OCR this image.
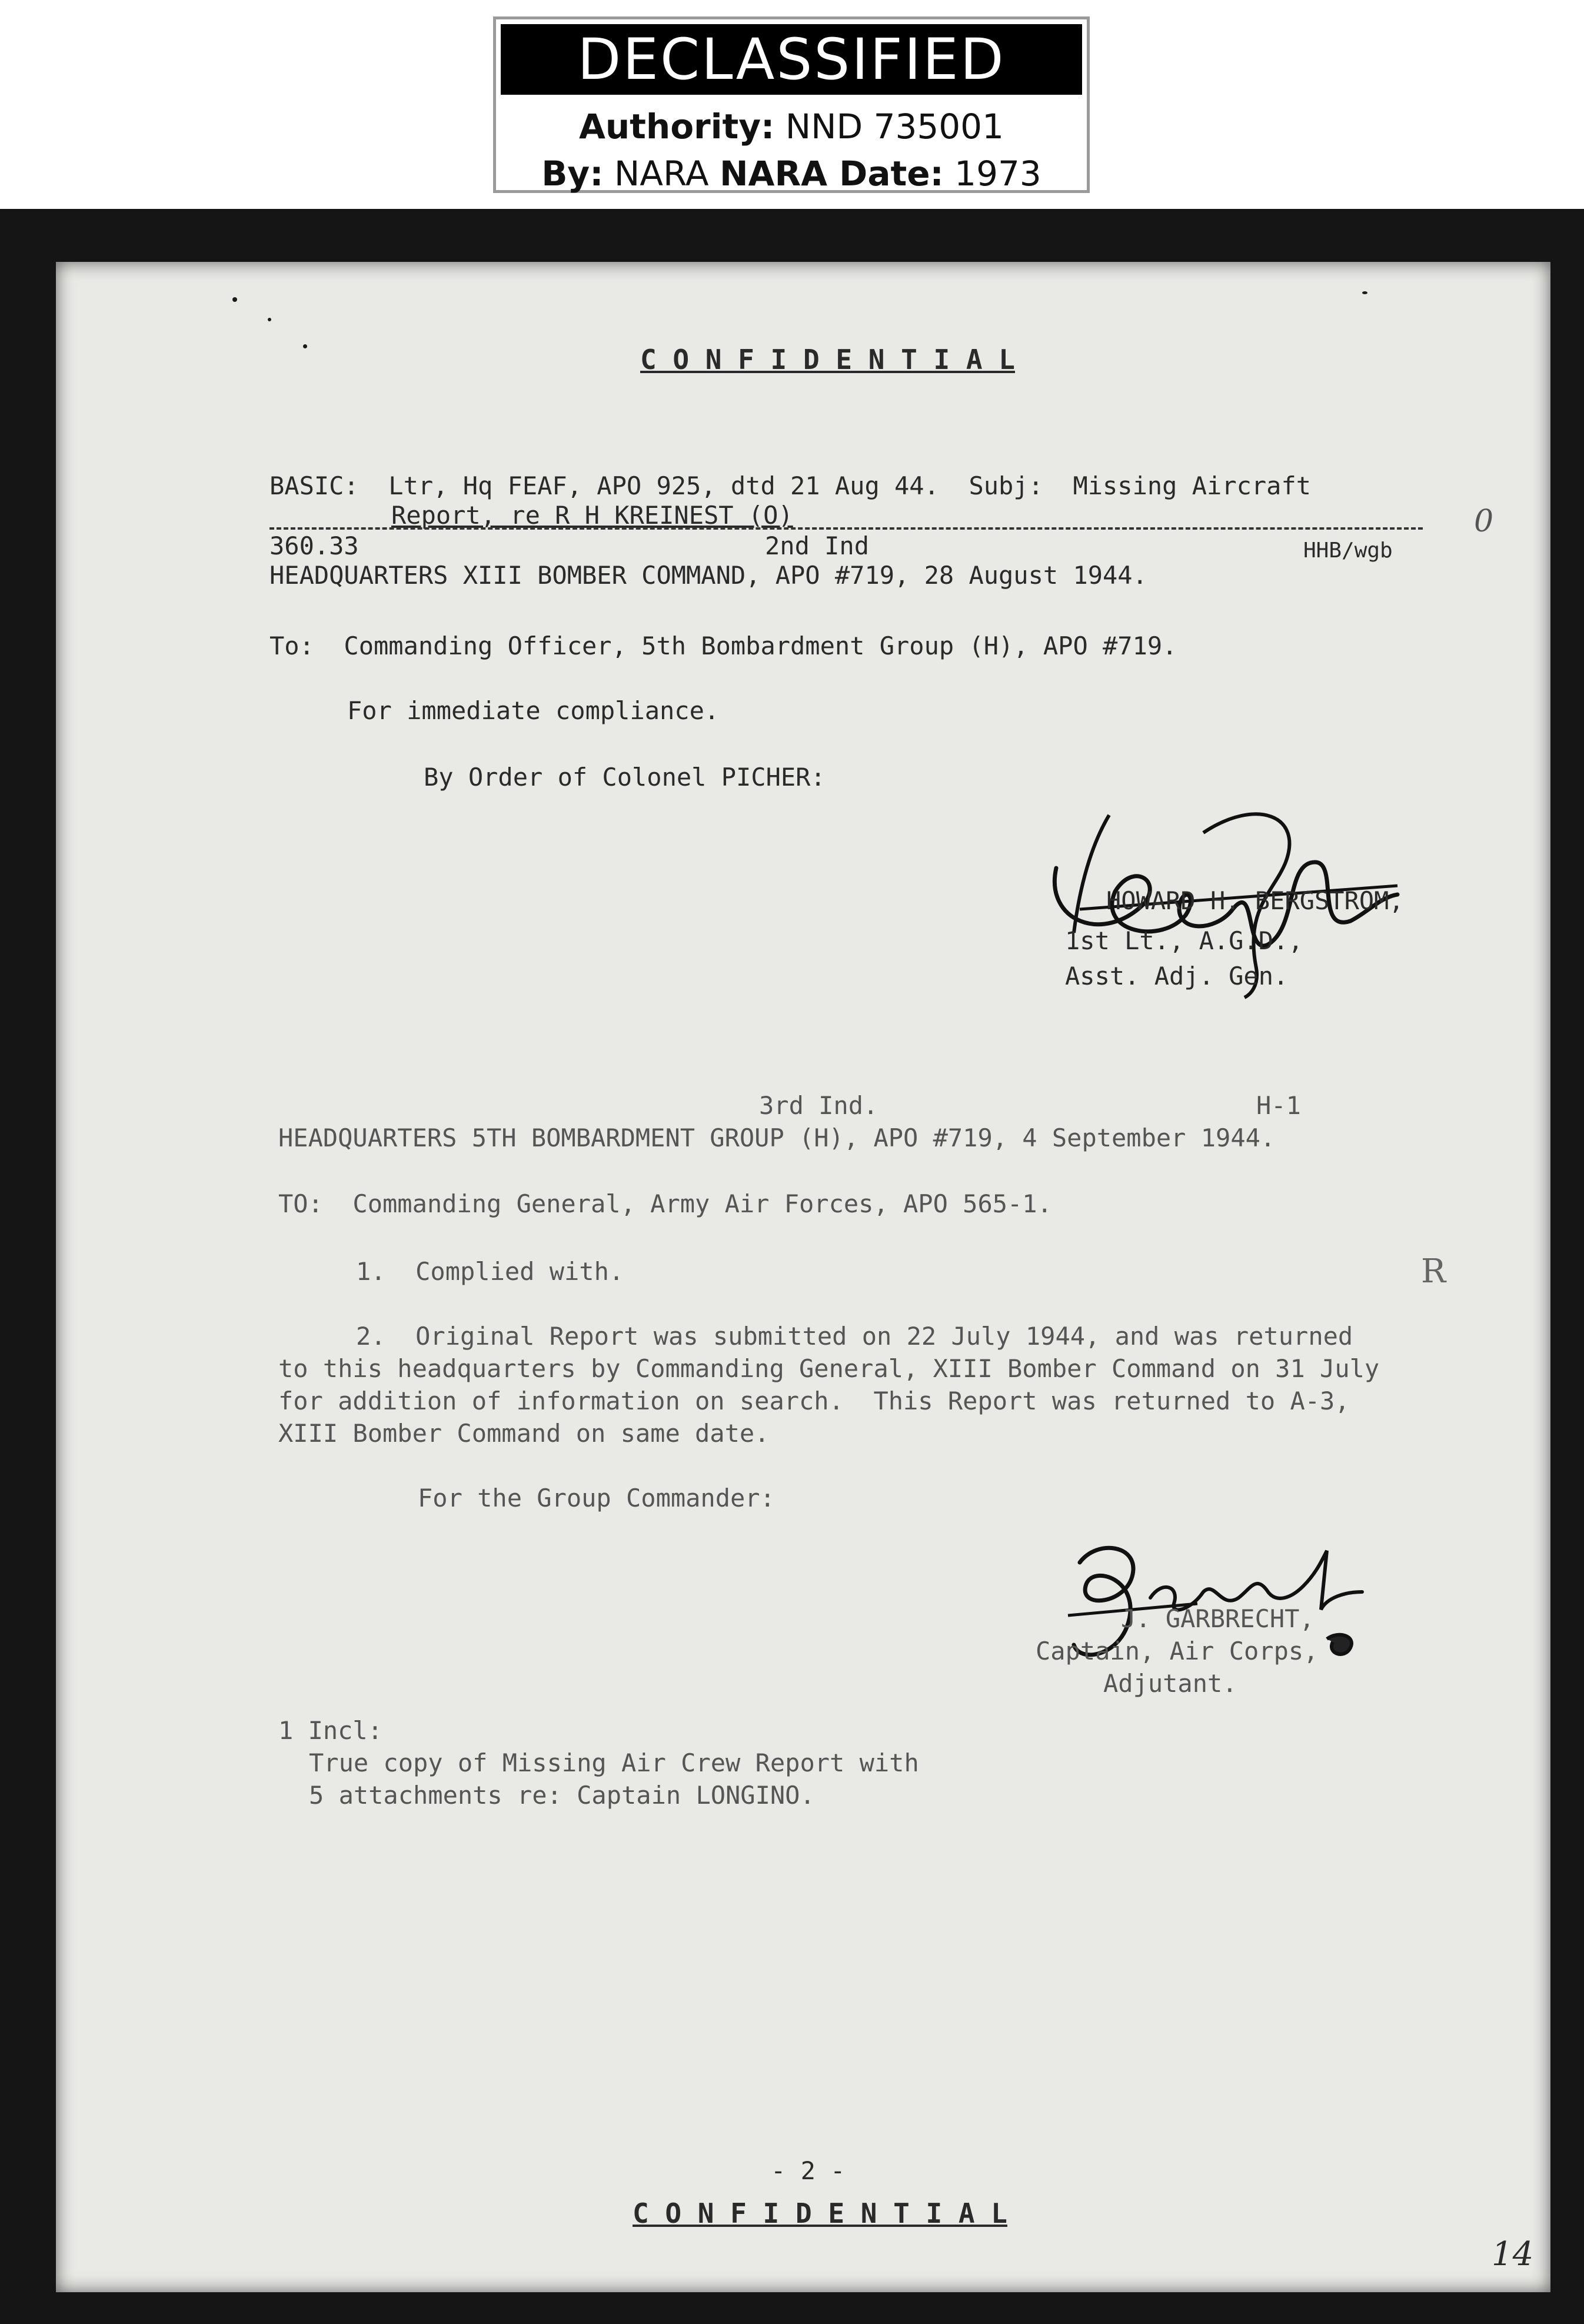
DECLASSIFIED
Authority: NND 735001
By: NARA NARA Date: 1973
C O N F I D E N T I A L
BASIC:  Ltr, Hq FEAF, APO 925, dtd 21 Aug 44.  Subj:  Missing Aircraft
Report, re R H KREINEST (O)

360.33	2nd Ind	HHB/wgb
0
HEADQUARTERS XIII BOMBER COMMAND, APO #719, 28 August 1944.
To:  Commanding Officer, 5th Bombardment Group (H), APO #719.
For immediate compliance.
By Order of Colonel PICHER:
HOWARD H. BERGSTROM,
1st Lt., A.G.D.,
Asst. Adj. Gen.
3rd Ind.	H-1
HEADQUARTERS 5TH BOMBARDMENT GROUP (H), APO #719, 4 September 1944.
TO:  Commanding General, Army Air Forces, APO 565-1.
1.  Complied with.	R
2.  Original Report was submitted on 22 July 1944, and was returned
to this headquarters by Commanding General, XIII Bomber Command on 31 July
for addition of information on search.  This Report was returned to A-3,
XIII Bomber Command on same date.
For the Group Commander:
J. GARBRECHT,
Captain, Air Corps,
Adjutant.
1 Incl:
True copy of Missing Air Crew Report with
5 attachments re: Captain LONGINO.
- 2 -
C O N F I D E N T I A L
14
